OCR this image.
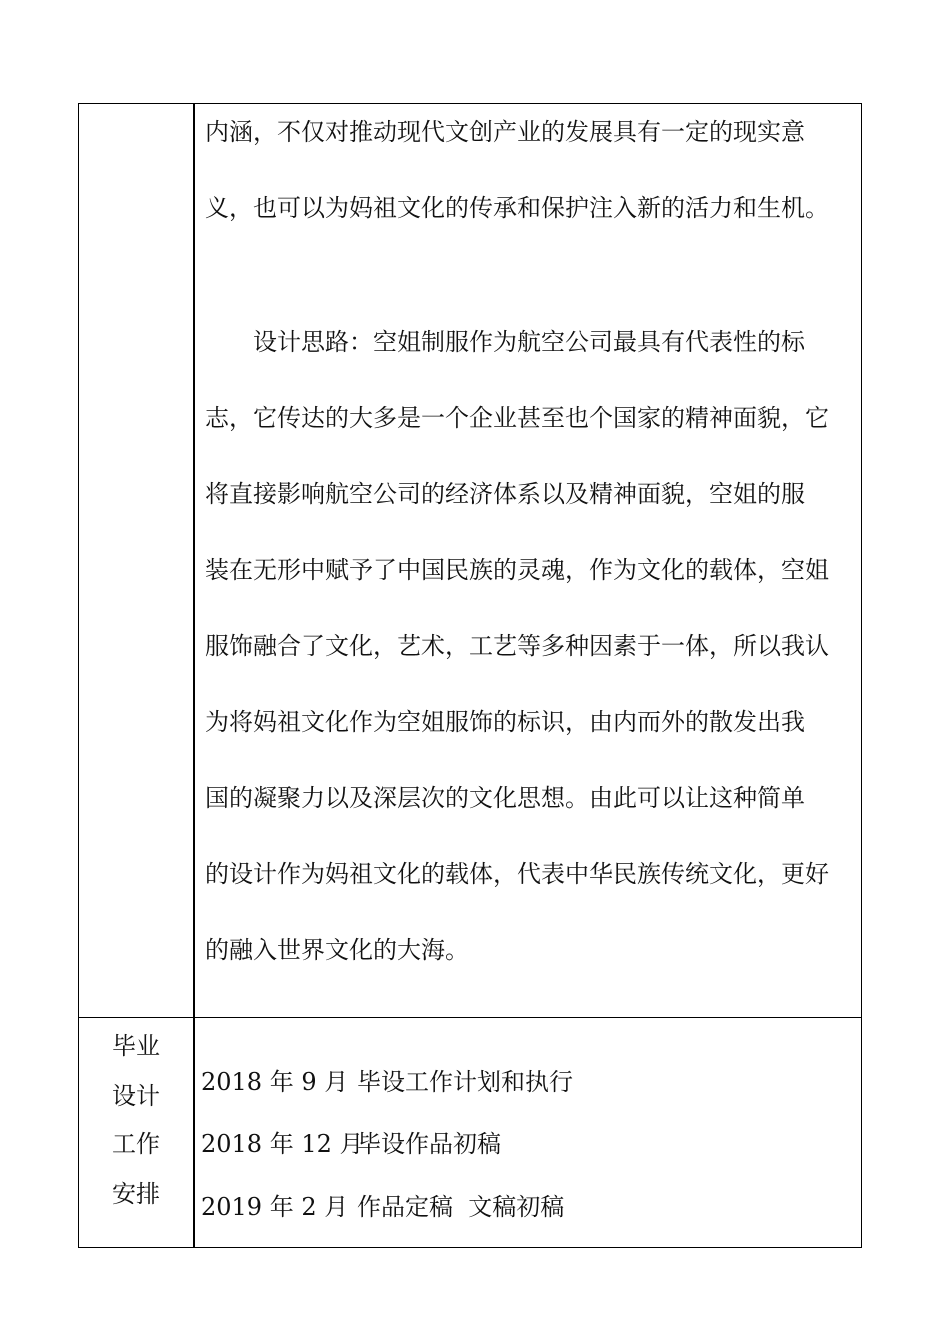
内涵，不仅对推动现代文创产业的发展具有一定的现实意
义，也可以为妈祖文化的传承和保护注入新的活力和生机。
设计思路：空姐制服作为航空公司最具有代表性的标
志，它传达的大多是一个企业甚至也个国家的精神面貌，它
将直接影响航空公司的经济体系以及精神面貌，空姐的服
装在无形中赋予了中国民族的灵魂，作为文化的载体，空姐
服饰融合了文化，艺术，工艺等多种因素于一体，所以我认
为将妈祖文化作为空姐服饰的标识，由内而外的散发出我
国的凝聚力以及深层次的文化思想。由此可以让这种简单
的设计作为妈祖文化的载体，代表中华民族传统文化，更好
的融入世界文化的大海。
毕业
设计
工作
安排
2018 年 9 月 毕设工作计划和执行
2018 年 12 月毕设作品初稿
2019 年 2 月 作品定稿  文稿初稿
